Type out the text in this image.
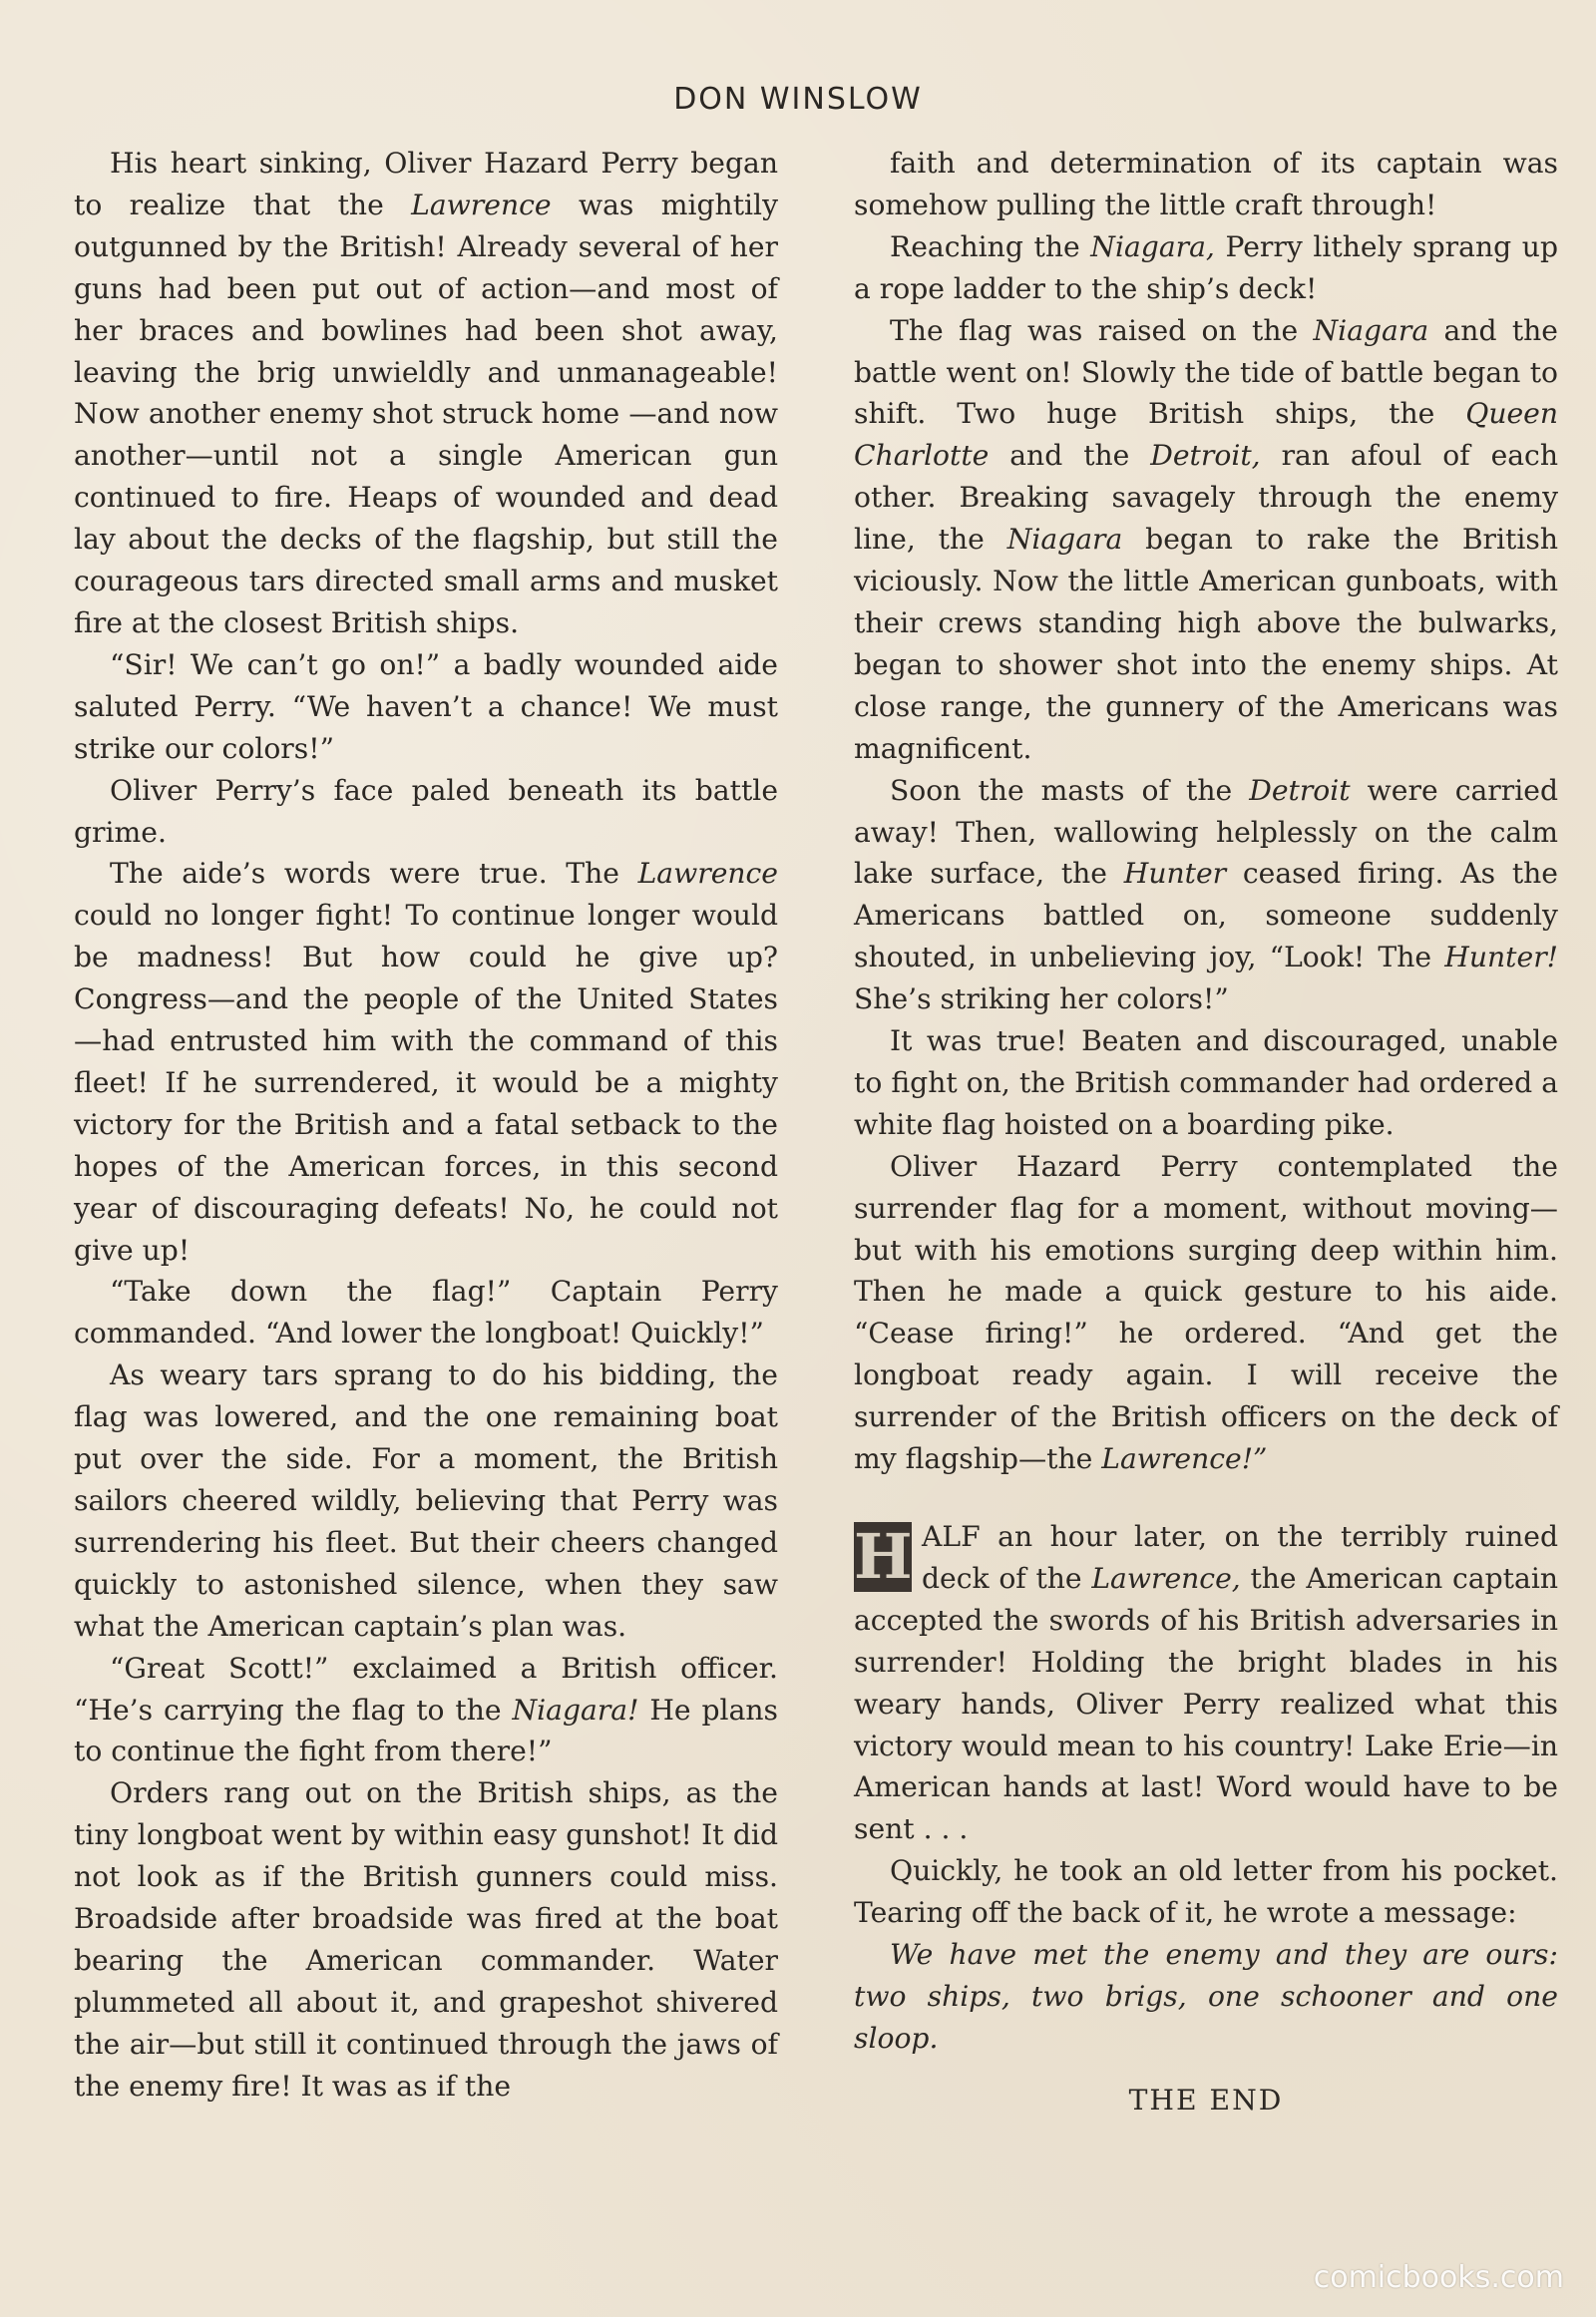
DON WINSLOW

His heart sinking, Oliver Hazard Perry began to realize that the Lawrence was mightily outgunned by the British! Already several of her guns had been put out of action—and most of her braces and bowlines had been shot away, leaving the brig unwieldly and unmanageable! Now another enemy shot struck home —and now another—until not a single American gun continued to fire. Heaps of wounded and dead lay about the decks of the flagship, but still the courageous tars directed small arms and musket fire at the closest British ships.

“Sir! We can’t go on!” a badly wounded aide saluted Perry. “We haven’t a chance! We must strike our colors!”

Oliver Perry’s face paled beneath its battle grime.

The aide’s words were true. The Lawrence could no longer fight! To continue longer would be madness! But how could he give up? Congress—and the people of the United States —had entrusted him with the command of this fleet! If he surrendered, it would be a mighty victory for the British and a fatal setback to the hopes of the American forces, in this second year of discouraging defeats! No, he could not give up!

“Take down the flag!” Captain Perry commanded. “And lower the longboat! Quickly!”

As weary tars sprang to do his bidding, the flag was lowered, and the one remaining boat put over the side. For a moment, the British sailors cheered wildly, believing that Perry was surrendering his fleet. But their cheers changed quickly to astonished silence, when they saw what the American captain’s plan was.

“Great Scott!” exclaimed a British officer. “He’s carrying the flag to the Niagara! He plans to continue the fight from there!”

Orders rang out on the British ships, as the tiny longboat went by within easy gunshot! It did not look as if the British gunners could miss. Broadside after broadside was fired at the boat bearing the American commander. Water plummeted all about it, and grapeshot shivered the air—but still it continued through the jaws of the enemy fire! It was as if the

faith and determination of its captain was somehow pulling the little craft through!

Reaching the Niagara, Perry lithely sprang up a rope ladder to the ship’s deck!

The flag was raised on the Niagara and the battle went on! Slowly the tide of battle began to shift. Two huge British ships, the Queen Charlotte and the Detroit, ran afoul of each other. Breaking savagely through the enemy line, the Niagara began to rake the British viciously. Now the little American gunboats, with their crews standing high above the bulwarks, began to shower shot into the enemy ships. At close range, the gunnery of the Americans was magnificent.

Soon the masts of the Detroit were carried away! Then, wallowing helplessly on the calm lake surface, the Hunter ceased firing. As the Americans battled on, someone suddenly shouted, in unbelieving joy, “Look! The Hunter! She’s striking her colors!”

It was true! Beaten and discouraged, unable to fight on, the British commander had ordered a white flag hoisted on a boarding pike.

Oliver Hazard Perry contemplated the surrender flag for a moment, without moving—but with his emotions surging deep within him. Then he made a quick gesture to his aide. “Cease firing!” he ordered. “And get the longboat ready again. I will receive the surrender of the British officers on the deck of my flagship—the Lawrence!”

H ALF an hour later, on the terribly ruined deck of the Lawrence, the American captain accepted the swords of his British adversaries in surrender! Holding the bright blades in his weary hands, Oliver Perry realized what this victory would mean to his country! Lake Erie—in American hands at last! Word would have to be sent . . .

Quickly, he took an old letter from his pocket. Tearing off the back of it, he wrote a message:

We have met the enemy and they are ours: two ships, two brigs, one schooner and one sloop.

THE END
comicbooks.com
